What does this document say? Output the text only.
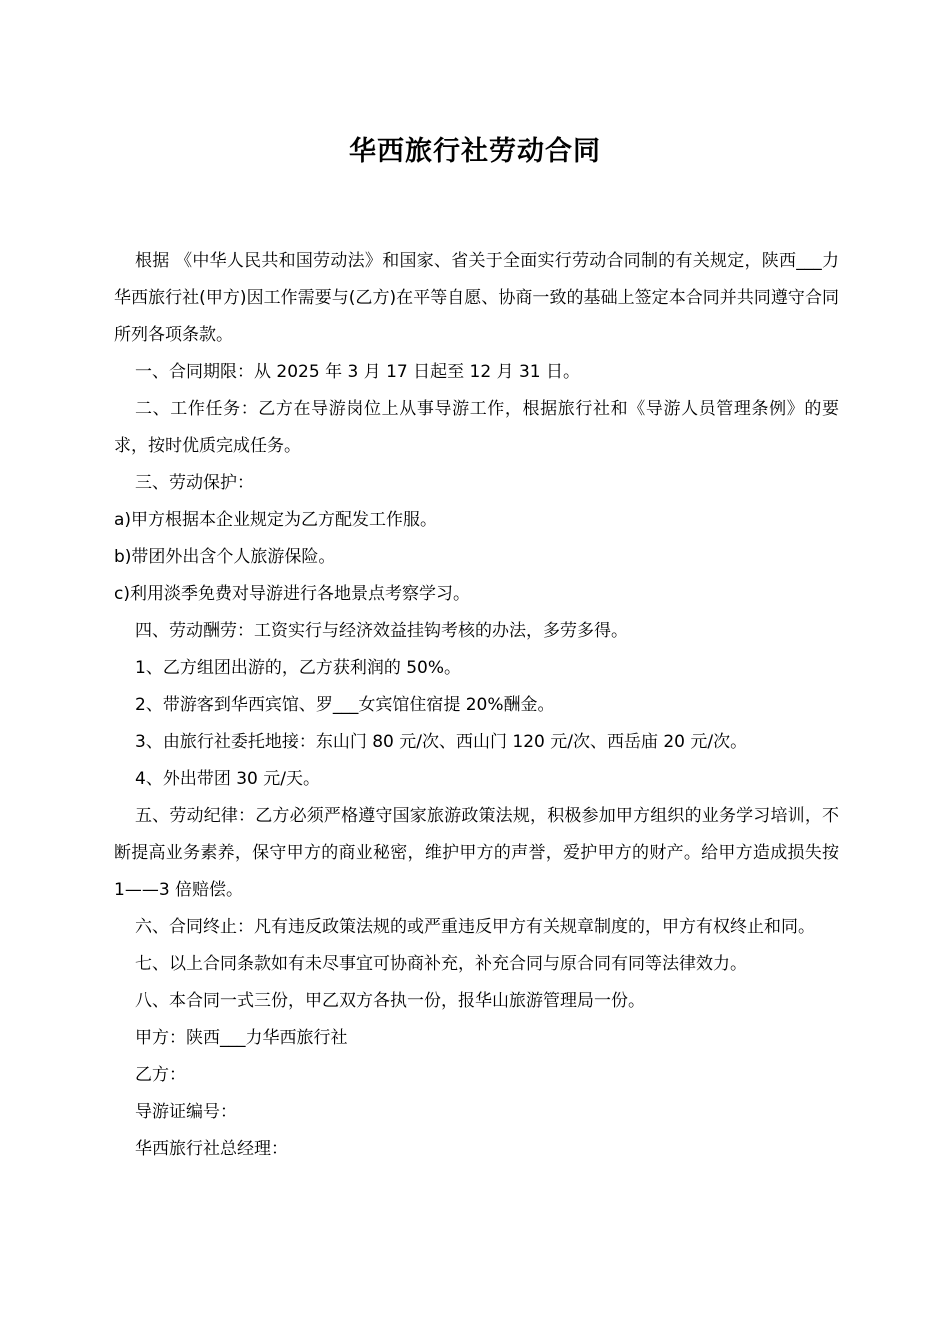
华西旅行社劳动合同

根据 《中华人民共和国劳动法》和国家、省关于全面实行劳动合同制的有关规定，陕西___力华西旅行社(甲方)因工作需要与(乙方)在平等自愿、协商一致的基础上签定本合同并共同遵守合同所列各项条款。

一、合同期限：从 2025 年 3 月 17 日起至 12 月 31 日。

二、工作任务：乙方在导游岗位上从事导游工作，根据旅行社和《导游人员管理条例》的要求，按时优质完成任务。

三、劳动保护：

a)甲方根据本企业规定为乙方配发工作服。

b)带团外出含个人旅游保险。

c)利用淡季免费对导游进行各地景点考察学习。

四、劳动酬劳：工资实行与经济效益挂钩考核的办法，多劳多得。

1、乙方组团出游的，乙方获利润的 50%。

2、带游客到华西宾馆、罗___女宾馆住宿提 20%酬金。

3、由旅行社委托地接：东山门 80 元/次、西山门 120 元/次、西岳庙 20 元/次。

4、外出带团 30 元/天。

五、劳动纪律：乙方必须严格遵守国家旅游政策法规，积极参加甲方组织的业务学习培训，不断提高业务素养，保守甲方的商业秘密，维护甲方的声誉，爱护甲方的财产。给甲方造成损失按 1——3 倍赔偿。

六、合同终止：凡有违反政策法规的或严重违反甲方有关规章制度的，甲方有权终止和同。

七、以上合同条款如有未尽事宜可协商补充，补充合同与原合同有同等法律效力。

八、本合同一式三份，甲乙双方各执一份，报华山旅游管理局一份。

甲方：陕西___力华西旅行社

乙方：

导游证编号：

华西旅行社总经理：
